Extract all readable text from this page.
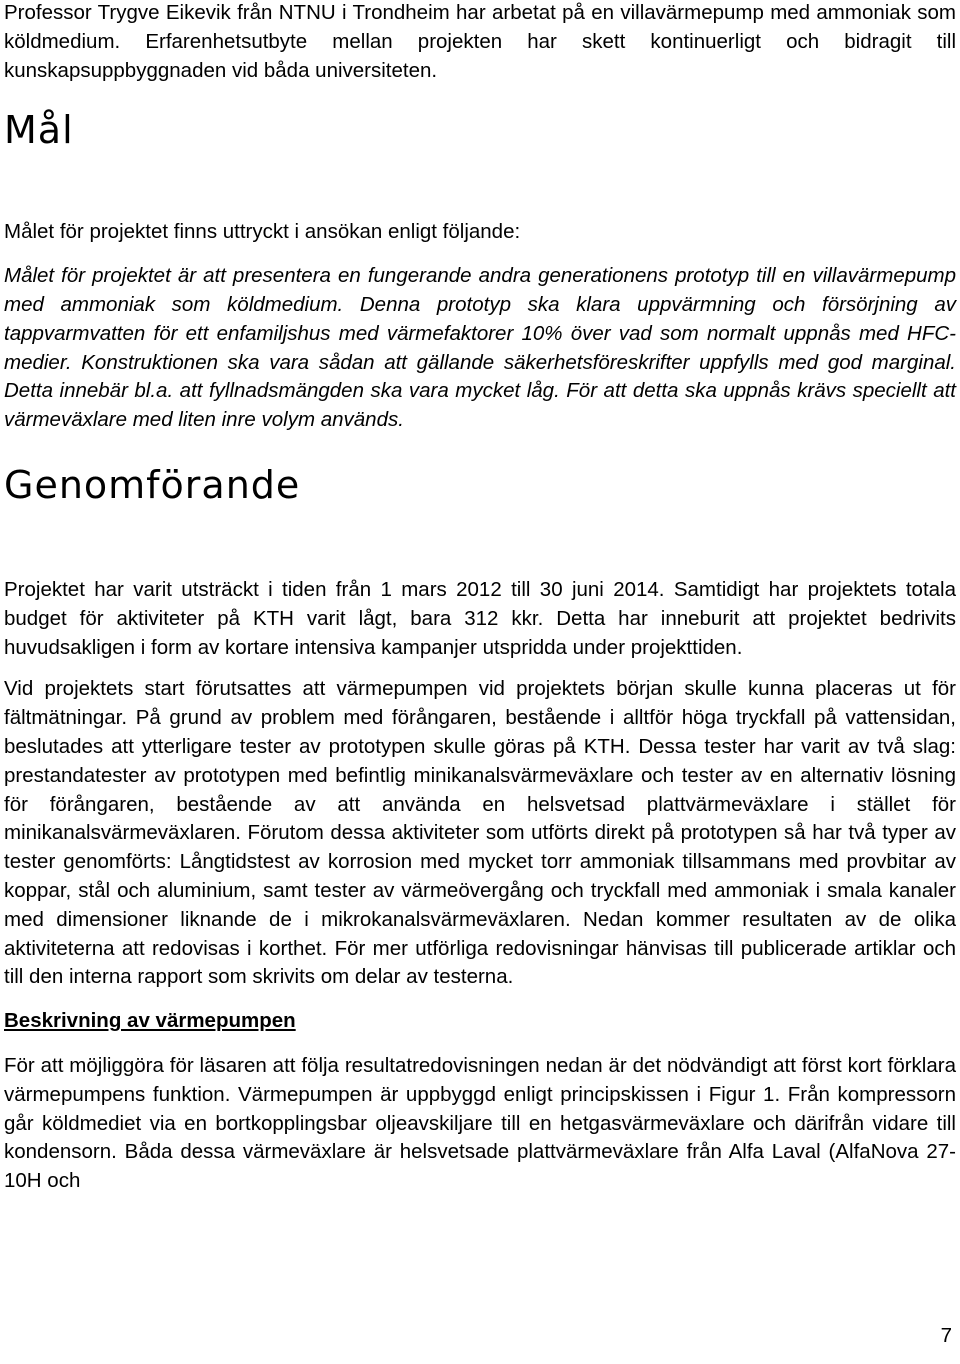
Professor Trygve Eikevik från NTNU i Trondheim har arbetat på en villavärmepump med ammoniak som köldmedium. Erfarenhetsutbyte mellan projekten har skett kontinuerligt och bidragit till kunskapsuppbyggnaden vid båda universiteten.

Mål

Målet för projektet finns uttryckt i ansökan enligt följande:

Målet för projektet är att presentera en fungerande andra generationens prototyp till en villavärmepump med ammoniak som köldmedium. Denna prototyp ska klara uppvärmning och försörjning av tappvarmvatten för ett enfamiljshus med värmefaktorer 10% över vad som normalt uppnås med HFC-medier. Konstruktionen ska vara sådan att gällande säkerhetsföreskrifter uppfylls med god marginal. Detta innebär bl.a. att fyllnadsmängden ska vara mycket låg. För att detta ska uppnås krävs speciellt att värmeväxlare med liten inre volym används.

Genomförande

Projektet har varit utsträckt i tiden från 1 mars 2012 till 30 juni 2014. Samtidigt har projektets totala budget för aktiviteter på KTH varit lågt, bara 312 kkr. Detta har inneburit att projektet bedrivits huvudsakligen i form av kortare intensiva kampanjer utspridda under projekttiden.

Vid projektets start förutsattes att värmepumpen vid projektets början skulle kunna placeras ut för fältmätningar. På grund av problem med förångaren, bestående i alltför höga tryckfall på vattensidan, beslutades att ytterligare tester av prototypen skulle göras på KTH. Dessa tester har varit av två slag: prestandatester av prototypen med befintlig minikanalsvärmeväxlare och tester av en alternativ lösning för förångaren, bestående av att använda en helsvetsad plattvärmeväxlare i stället för minikanalsvärmeväxlaren. Förutom dessa aktiviteter som utförts direkt på prototypen så har två typer av tester genomförts: Långtidstest av korrosion med mycket torr ammoniak tillsammans med provbitar av koppar, stål och aluminium, samt tester av värmeövergång och tryckfall med ammoniak i smala kanaler med dimensioner liknande de i mikrokanalsvärmeväxlaren. Nedan kommer resultaten av de olika aktiviteterna att redovisas i korthet. För mer utförliga redovisningar hänvisas till publicerade artiklar och till den interna rapport som skrivits om delar av testerna.

Beskrivning av värmepumpen

För att möjliggöra för läsaren att följa resultatredovisningen nedan är det nödvändigt att först kort förklara värmepumpens funktion. Värmepumpen är uppbyggd enligt principskissen i Figur 1. Från kompressorn går köldmediet via en bortkopplingsbar oljeavskiljare till en hetgasvärmeväxlare och därifrån vidare till kondensorn. Båda dessa värmeväxlare är helsvetsade plattvärmeväxlare från Alfa Laval (AlfaNova 27-10H och

7
